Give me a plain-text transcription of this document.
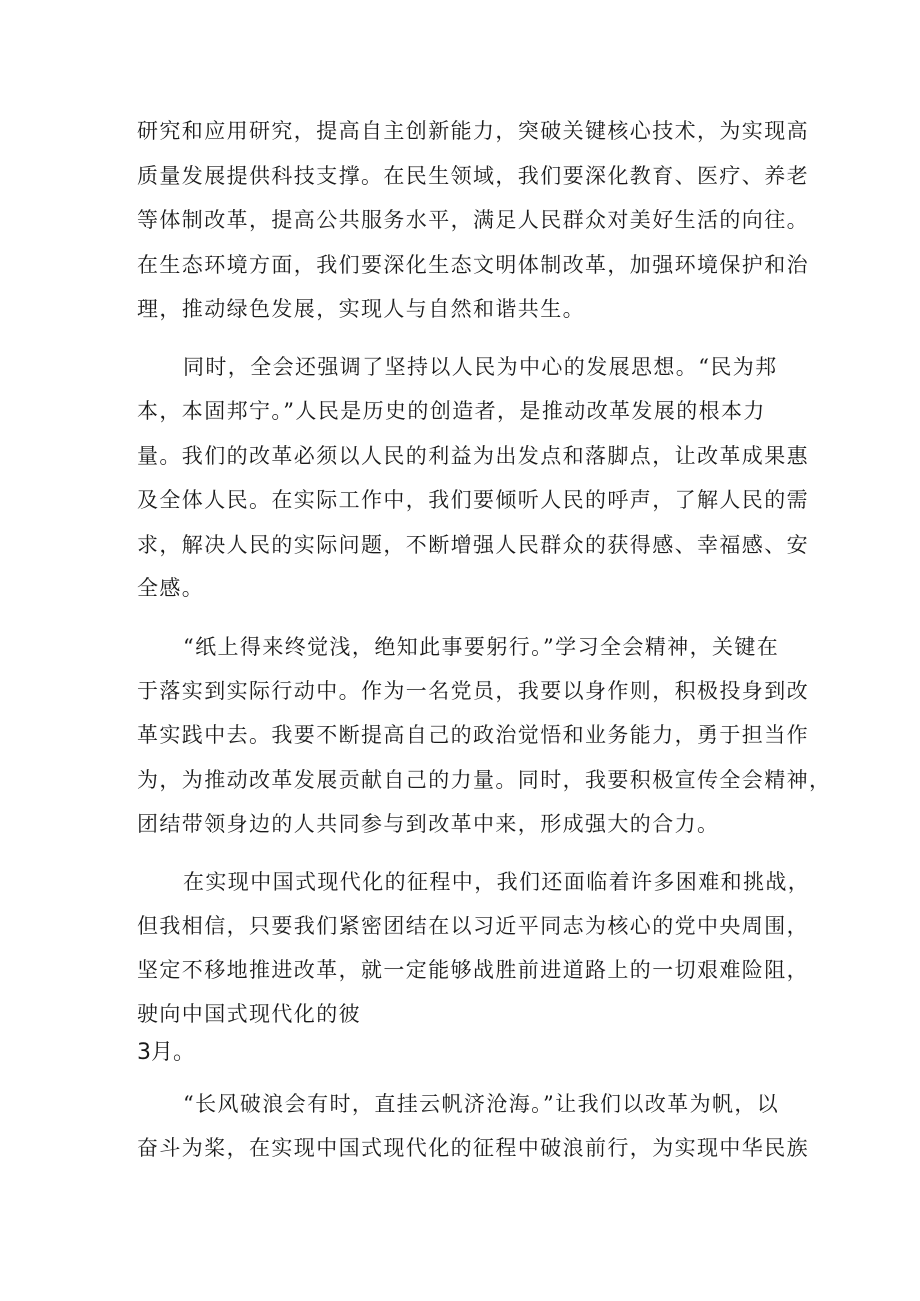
研究和应用研究，提高自主创新能力，突破关键核心技术，为实现高
质量发展提供科技支撑。在民生领域，我们要深化教育、医疗、养老
等体制改革，提高公共服务水平，满足人民群众对美好生活的向往。
在生态环境方面，我们要深化生态文明体制改革，加强环境保护和治
理，推动绿色发展，实现人与自然和谐共生。
同时，全会还强调了坚持以人民为中心的发展思想。“民为邦
本，本固邦宁。”人民是历史的创造者，是推动改革发展的根本力
量。我们的改革必须以人民的利益为出发点和落脚点，让改革成果惠
及全体人民。在实际工作中，我们要倾听人民的呼声，了解人民的需
求，解决人民的实际问题，不断增强人民群众的获得感、幸福感、安
全感。
“纸上得来终觉浅，绝知此事要躬行。”学习全会精神，关键在
于落实到实际行动中。作为一名党员，我要以身作则，积极投身到改
革实践中去。我要不断提高自己的政治觉悟和业务能力，勇于担当作
为，为推动改革发展贡献自己的力量。同时，我要积极宣传全会精神，
团结带领身边的人共同参与到改革中来，形成强大的合力。
在实现中国式现代化的征程中，我们还面临着许多困难和挑战，
但我相信，只要我们紧密团结在以习近平同志为核心的党中央周围，
坚定不移地推进改革，就一定能够战胜前进道路上的一切艰难险阻，
驶向中国式现代化的彼
3月。
“长风破浪会有时，直挂云帆济沧海。”让我们以改革为帆，以
奋斗为桨，在实现中国式现代化的征程中破浪前行，为实现中华民族
